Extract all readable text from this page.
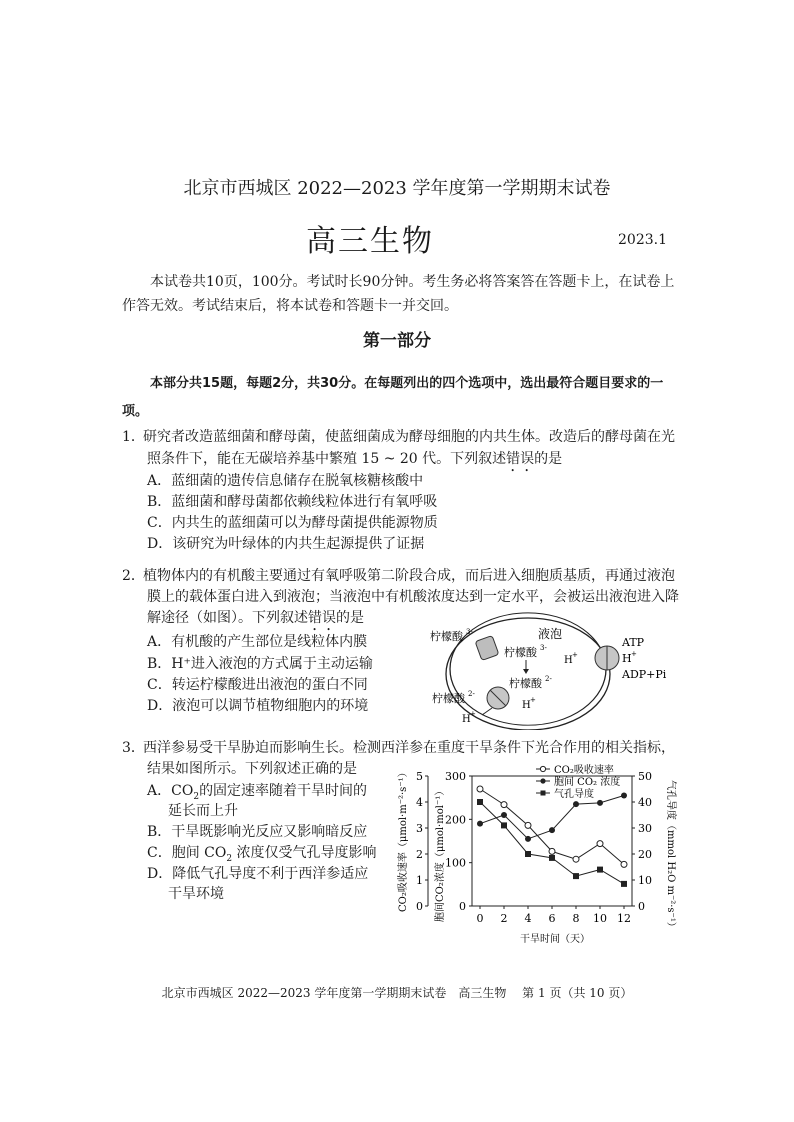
北京市西城区 2022—2023 学年度第一学期期末试卷
高三生物	2023.1
本试卷共10页，100分。考试时长90分钟。考生务必将答案答在答题卡上，在试卷上作答无效。考试结束后，将本试卷和答题卡一并交回。
第一部分
本部分共15题，每题2分，共30分。在每题列出的四个选项中，选出最符合题目要求的一项。
1．
研究者改造蓝细菌和酵母菌，使蓝细菌成为酵母细胞的内共生体。改造后的酵母菌在光
照条件下，能在无碳培养基中繁殖 15 ~ 20 代。下列叙述错误的是
A．蓝细菌的遗传信息储存在脱氧核糖核酸中
B．蓝细菌和酵母菌都依赖线粒体进行有氧呼吸
C．内共生的蓝细菌可以为酵母菌提供能源物质
D．该研究为叶绿体的内共生起源提供了证据
2．
植物体内的有机酸主要通过有氧呼吸第二阶段合成，而后进入细胞质基质，再通过液泡
膜上的载体蛋白进入到液泡；当液泡中有机酸浓度达到一定水平，会被运出液泡进入降
解途径（如图）。下列叙述错误的是
A．有机酸的产生部位是线粒体内膜
B．H⁺进入液泡的方式属于主动运输
C．转运柠檬酸进出液泡的蛋白不同
D．液泡可以调节植物细胞内的环境
液泡
柠檬酸 3-
柠檬酸 3-
柠檬酸 2-
H +	H +
ATP
ADP+Pi
柠檬酸 2-
H +
H +
3．
西洋参易受干旱胁迫而影响生长。检测西洋参在重度干旱条件下光合作用的相关指标，
结果如图所示。下列叙述正确的是
A．$CO_2$的固定速率随着干旱时间的
延长而上升
B．干旱既影响光反应又影响暗反应
C．胞间 $CO_2$ 浓度仅受气孔导度影响
D．降低气孔导度不利于西洋参适应
干旱环境	CO₂吸收速率（μmol·m⁻²·s⁻¹）	胞间CO₂浓度（μmol·mol⁻¹）	气孔导度（mmol H₂O m⁻²·s⁻¹）
干旱时间（天）
0
1
2
3
4
5
0
100
200
300
0
10
20
30
40
50
0 2 4 6 8 10 12
CO₂吸收速率
胞间 CO₂ 浓度
气孔导度
北京市西城区 2022—2023 学年度第一学期期末试卷　高三生物　 第 1 页（共 10 页）
